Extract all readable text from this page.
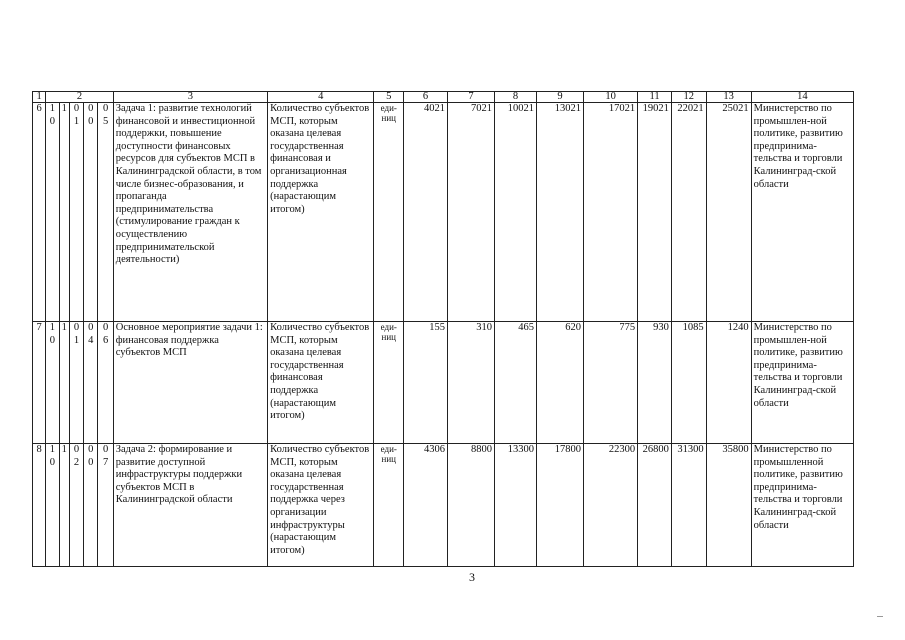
1	2					3	4	5	6	7	8	9	10	11	12	13	14
6	10	1	01	00	05	Задача 1: развитие технологий финансовой и инвестиционной поддержки, повышение доступности финансовых ресурсов для субъектов МСП в Калининградской области, в том числе бизнес-образования, и пропаганда предпринимательства (стимулирование граждан к осуществлению предпринимательской деятельности)	Количество субъектов МСП, которым оказана целевая государственная финансовая и организационная поддержка (нарастающим итогом)	еди-ниц	4021	7021	10021	13021	17021	19021	22021	25021	Министерство по промышлен-ной политике, развитию предпринима-тельства и торговли Калининград-ской области
7	10	1	01	04	06	Основное мероприятие задачи 1: финансовая поддержка субъектов МСП	Количество субъектов МСП, которым оказана целевая государственная финансовая поддержка (нарастающим итогом)	еди-ниц	155	310	465	620	775	930	1085	1240	Министерство по промышлен-ной политике, развитию предпринима-тельства и торговли Калининград-ской области
8	10	1	02	00	07	Задача 2: формирование и развитие доступной инфраструктуры поддержки субъектов МСП в Калининградской области	Количество субъектов МСП, которым оказана целевая государственная поддержка через организации инфраструктуры (нарастающим итогом)	еди-ниц	4306	8800	13300	17800	22300	26800	31300	35800	Министерство по промышленной политике, развитию предпринима-тельства и торговли Калининград-ской области
3
